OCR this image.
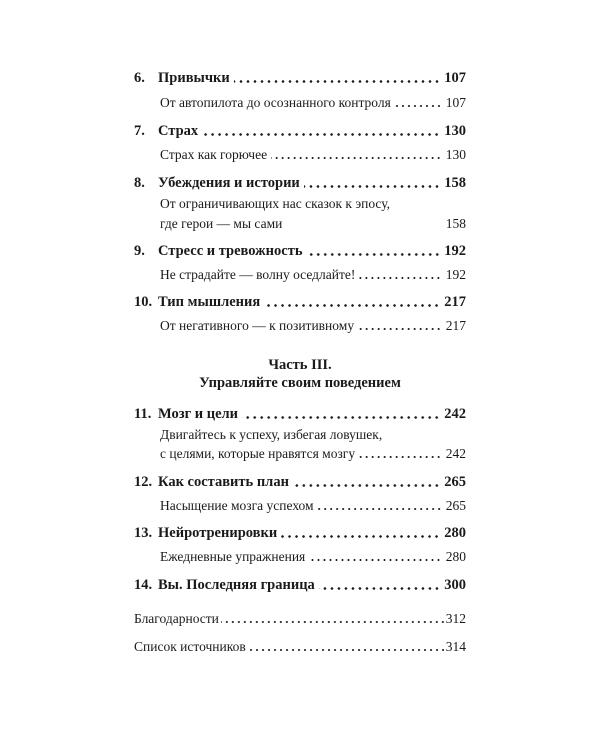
6. Привычки	107
От автопилота до осознанного контроля	107
7. Страх	130
Страх как горючее	130
8. Убеждения и истории	158
От ограничивающих нас сказок к эпосу,
где герои — мы сами	158
9. Стресс и тревожность	192
Не страдайте — волну оседлайте!	192
10. Тип мышления	217
От негативного — к позитивному	217
Часть III.
Управляйте своим поведением
11. Мозг и цели	242
Двигайтесь к успеху, избегая ловушек,
с целями, которые нравятся мозгу	242
12. Как составить план	265
Насыщение мозга успехом	265
13. Нейротренировки	280
Ежедневные упражнения	280
14. Вы. Последняя граница	300
Благодарности	312
Список источников	314
